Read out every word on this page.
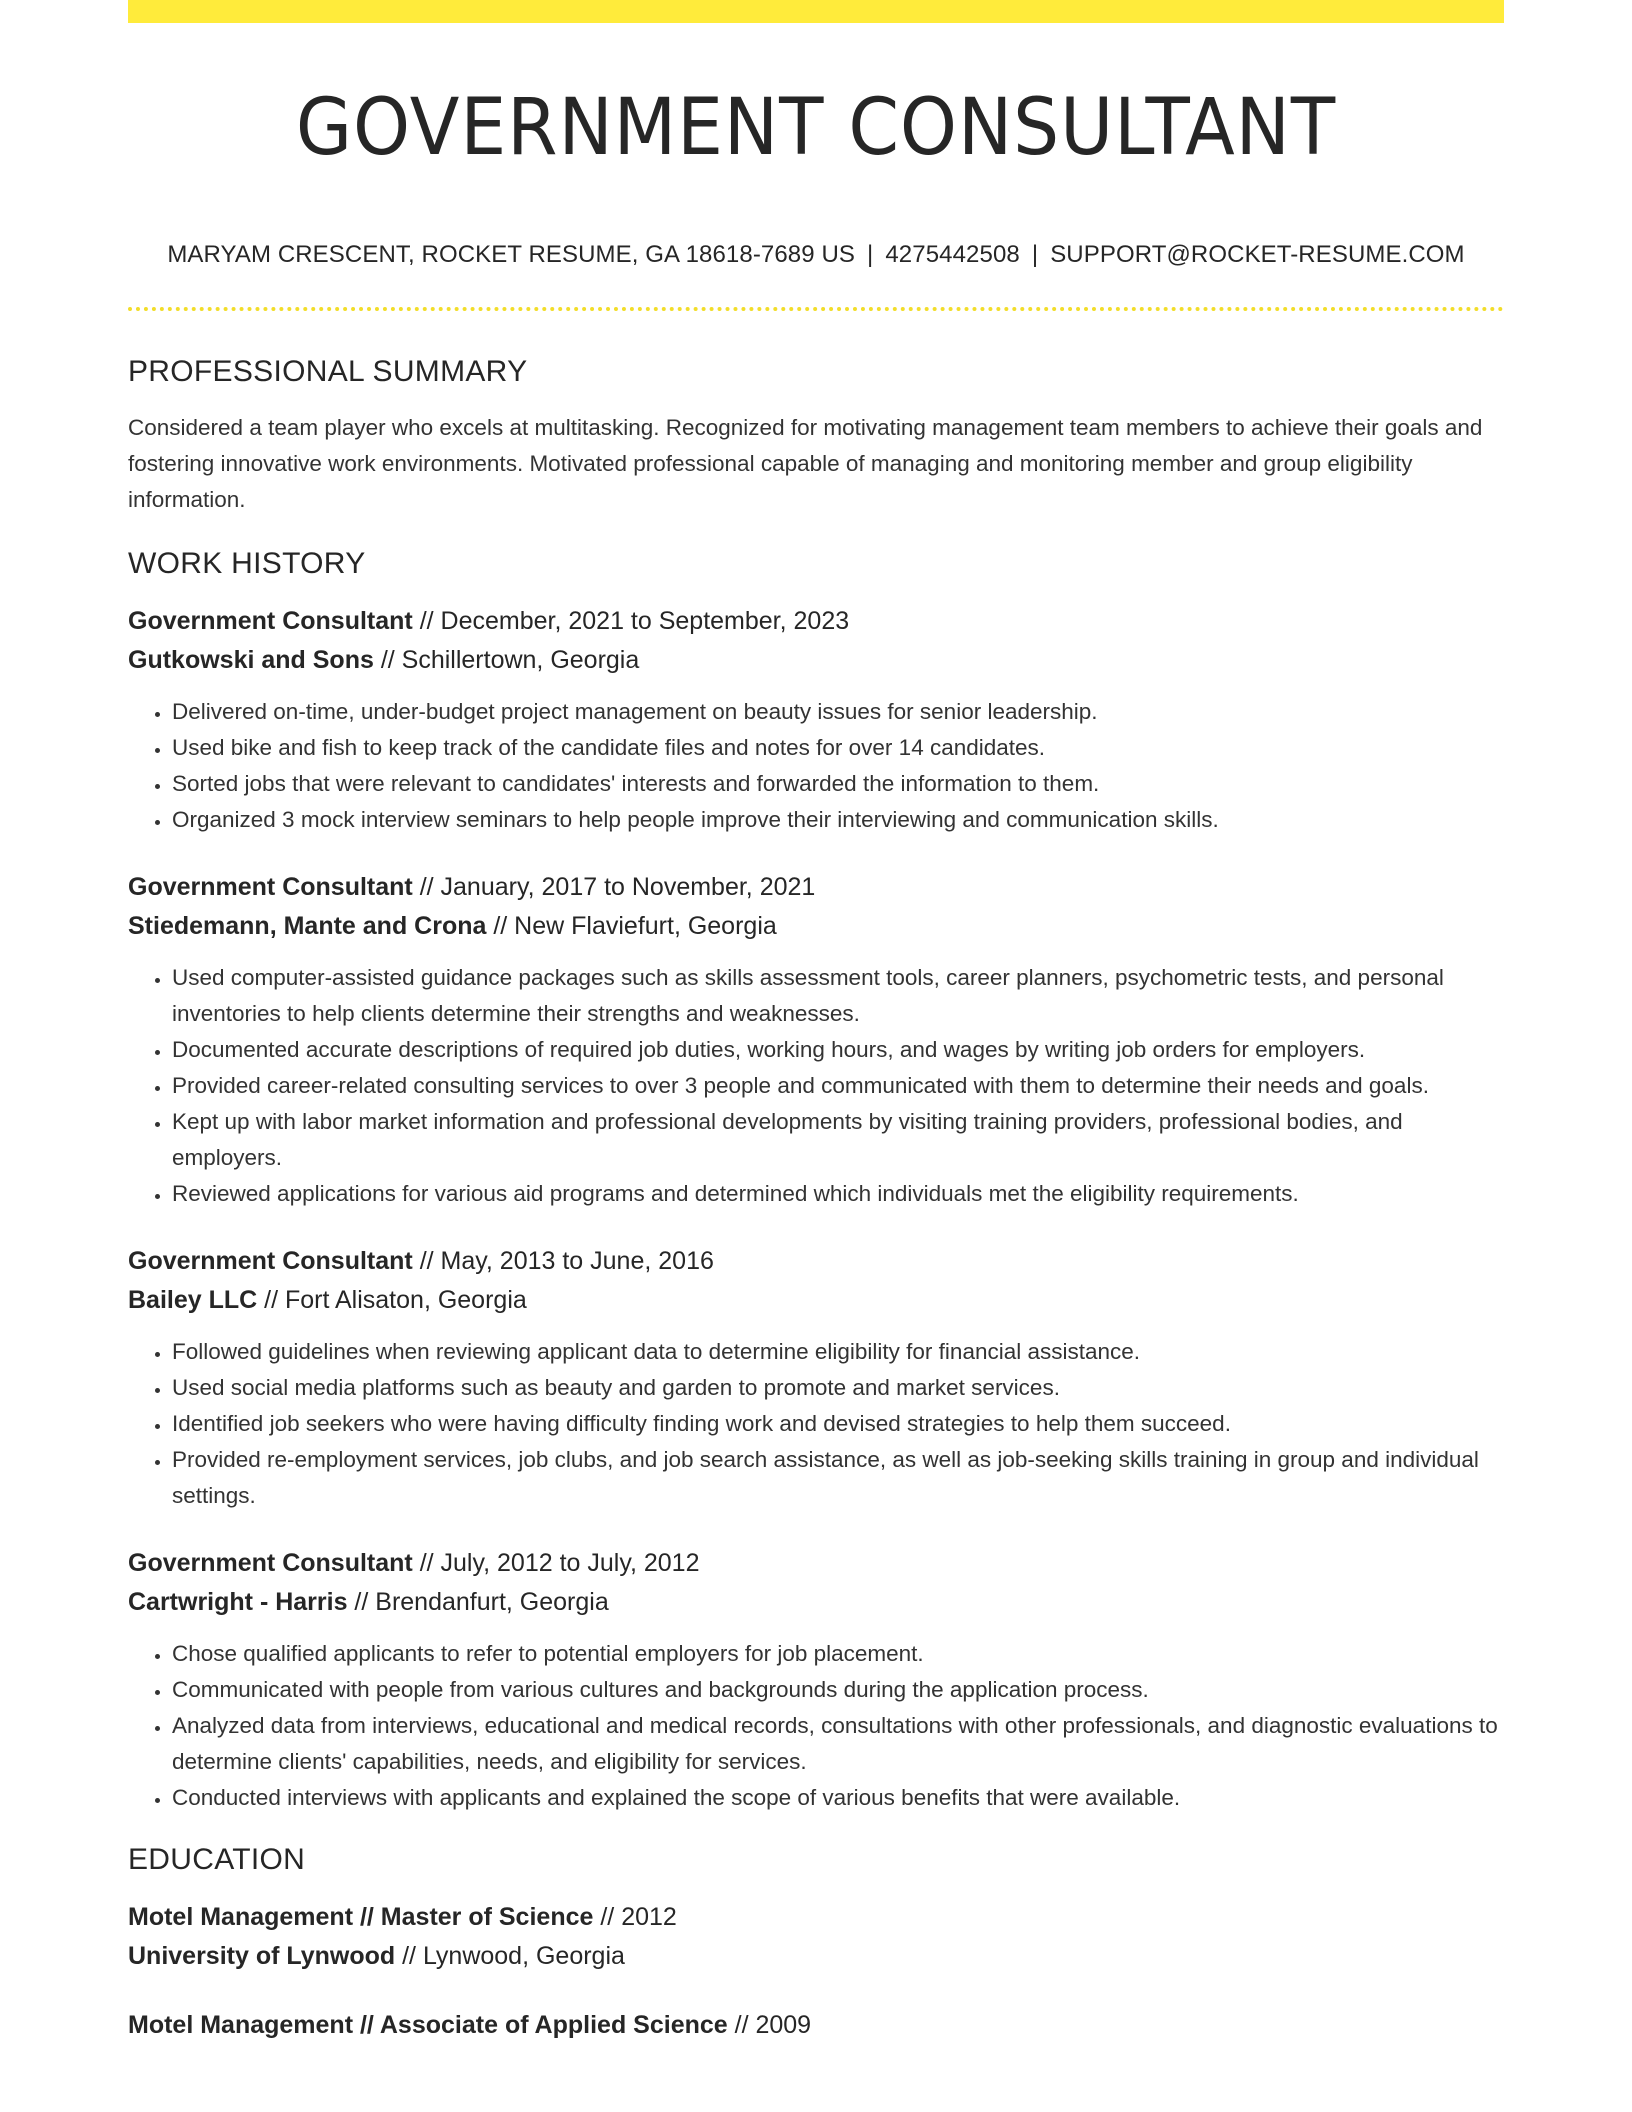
GOVERNMENT CONSULTANT
MARYAM CRESCENT, ROCKET RESUME, GA 18618-7689 US | 4275442508 | SUPPORT@ROCKET-RESUME.COM
PROFESSIONAL SUMMARY

Considered a team player who excels at multitasking. Recognized for motivating management team members to achieve their goals and fostering innovative work environments. Motivated professional capable of managing and monitoring member and group eligibility information.

WORK HISTORY

Government Consultant // December, 2021 to September, 2023

Gutkowski and Sons // Schillertown, Georgia

• Delivered on-time, under-budget project management on beauty issues for senior leadership.
• Used bike and fish to keep track of the candidate files and notes for over 14 candidates.
• Sorted jobs that were relevant to candidates' interests and forwarded the information to them.
• Organized 3 mock interview seminars to help people improve their interviewing and communication skills.

Government Consultant // January, 2017 to November, 2021

Stiedemann, Mante and Crona // New Flaviefurt, Georgia

• Used computer-assisted guidance packages such as skills assessment tools, career planners, psychometric tests, and personal inventories to help clients determine their strengths and weaknesses.
• Documented accurate descriptions of required job duties, working hours, and wages by writing job orders for employers.
• Provided career-related consulting services to over 3 people and communicated with them to determine their needs and goals.
• Kept up with labor market information and professional developments by visiting training providers, professional bodies, and employers.
• Reviewed applications for various aid programs and determined which individuals met the eligibility requirements.

Government Consultant // May, 2013 to June, 2016

Bailey LLC // Fort Alisaton, Georgia

• Followed guidelines when reviewing applicant data to determine eligibility for financial assistance.
• Used social media platforms such as beauty and garden to promote and market services.
• Identified job seekers who were having difficulty finding work and devised strategies to help them succeed.
• Provided re-employment services, job clubs, and job search assistance, as well as job-seeking skills training in group and individual settings.

Government Consultant // July, 2012 to July, 2012

Cartwright - Harris // Brendanfurt, Georgia

• Chose qualified applicants to refer to potential employers for job placement.
• Communicated with people from various cultures and backgrounds during the application process.
• Analyzed data from interviews, educational and medical records, consultations with other professionals, and diagnostic evaluations to determine clients' capabilities, needs, and eligibility for services.
• Conducted interviews with applicants and explained the scope of various benefits that were available.
EDUCATION

Motel Management // Master of Science // 2012

University of Lynwood // Lynwood, Georgia

Motel Management // Associate of Applied Science // 2009
